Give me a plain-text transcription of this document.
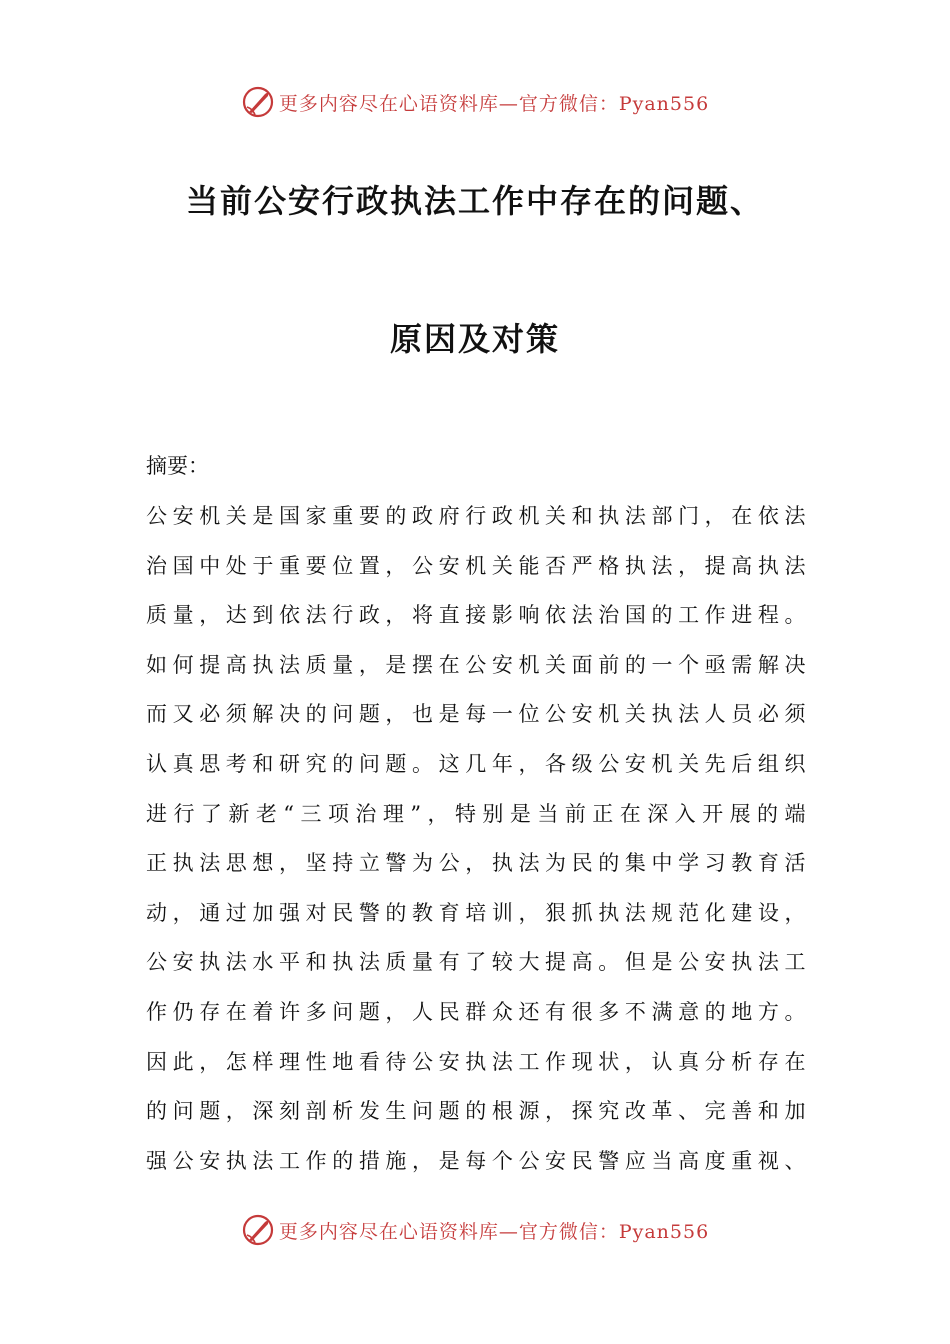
更多内容尽在心语资料库—官方微信：Pyan556
当前公安行政执法工作中存在的问题、
原因及对策
摘要：
公安机关是国家重要的政府行政机关和执法部门，在依法
治国中处于重要位置，公安机关能否严格执法，提高执法
质量，达到依法行政，将直接影响依法治国的工作进程。
如何提高执法质量，是摆在公安机关面前的一个亟需解决
而又必须解决的问题，也是每一位公安机关执法人员必须
认真思考和研究的问题。这几年，各级公安机关先后组织
进行了新老“三项治理”，特别是当前正在深入开展的端
正执法思想，坚持立警为公，执法为民的集中学习教育活
动，通过加强对民警的教育培训，狠抓执法规范化建设，
公安执法水平和执法质量有了较大提高。但是公安执法工
作仍存在着许多问题，人民群众还有很多不满意的地方。
因此，怎样理性地看待公安执法工作现状，认真分析存在
的问题，深刻剖析发生问题的根源，探究改革、完善和加
强公安执法工作的措施，是每个公安民警应当高度重视、
更多内容尽在心语资料库—官方微信：Pyan556
